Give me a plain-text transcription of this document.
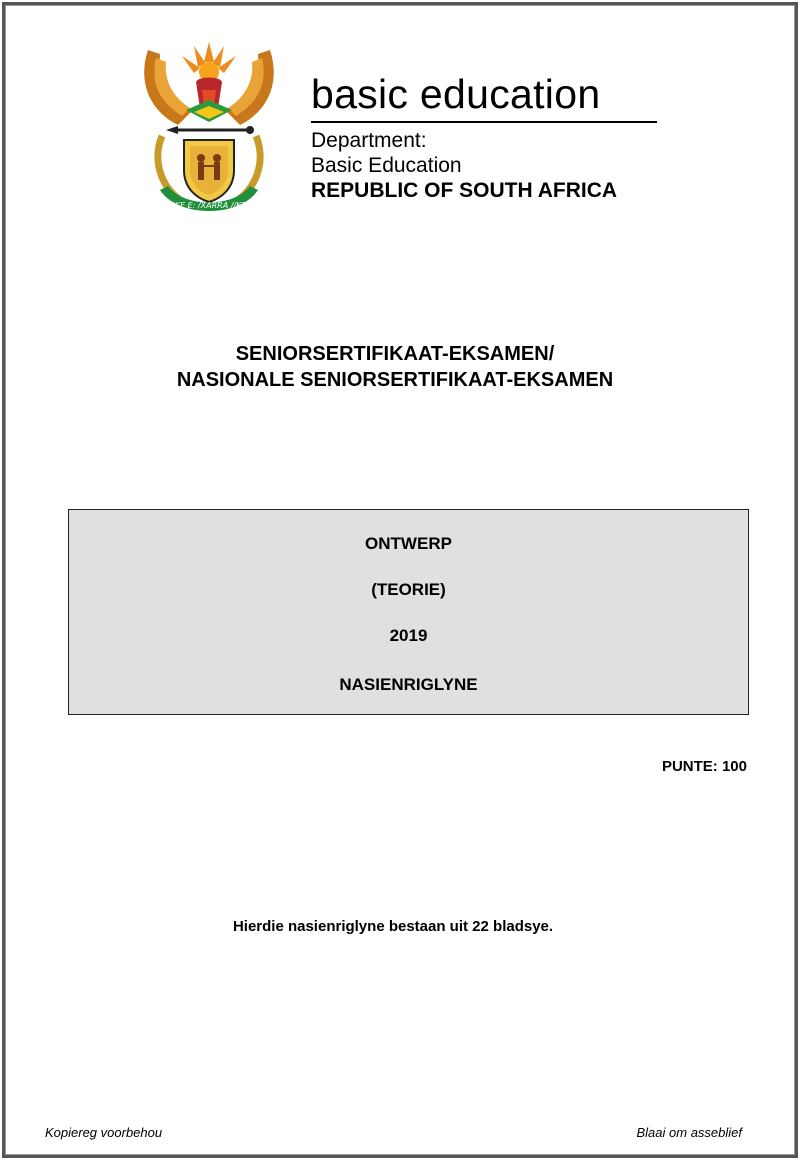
!KE E: /XARRA //KE
basic education
Department:
Basic Education
REPUBLIC OF SOUTH AFRICA
SENIORSERTIFIKAAT-EKSAMEN/
NASIONALE SENIORSERTIFIKAAT-EKSAMEN
ONTWERP
(TEORIE)
2019
NASIENRIGLYNE
PUNTE: 100
Hierdie nasienriglyne bestaan uit 22 bladsye.
Kopiereg voorbehou	Blaai om asseblief
